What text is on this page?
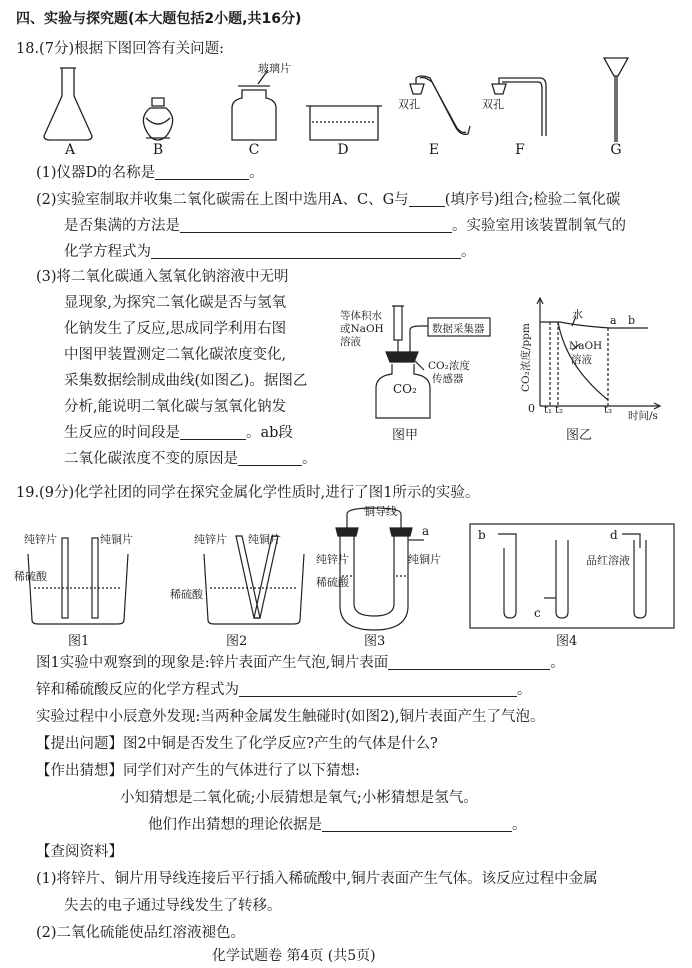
四、实验与探究题(本大题包括2小题,共16分)
18.(7分)根据下图回答有关问题:
玻璃片
双孔	双孔
A	B	C	D	E	F	G
(1)仪器D的名称是	。
(2)实验室制取并收集二氧化碳需在上图中选用A、C、G与 (填序号)组合;检验二氧化碳
是否集满的方法是	。实验室用该装置制氧气的
化学方程式为	。
(3)将二氧化碳通入氢氧化钠溶液中无明
显现象,为探究二氧化碳是否与氢氧
化钠发生了反应,思成同学利用右图
中图甲装置测定二氧化碳浓度变化,
采集数据绘制成曲线(如图乙)。据图乙
分析,能说明二氧化碳与氢氧化钠发
生反应的时间段是	。ab段
二氧化碳浓度不变的原因是	。
等体积水
或NaOH
溶液
数据采集器
CO₂浓度
传感器
CO₂
图甲
CO₂浓度/ppm
水
NaOH
溶液
a b
0 t₁ t₂	t₃ 时间/s
图乙
19.(9分)化学社团的同学在探究金属化学性质时,进行了图1所示的实验。
纯锌片	纯铜片
稀硫酸
图1
纯锌片 纯铜片
稀硫酸
图2
铜导线
a
纯锌片	纯铜片
稀硫酸
图3
b
c
d
品红溶液
图4
图1实验中观察到的现象是:锌片表面产生气泡,铜片表面	。
锌和稀硫酸反应的化学方程式为	。
实验过程中小辰意外发现:当两种金属发生触碰时(如图2),铜片表面产生了气泡。
【提出问题】图2中铜是否发生了化学反应?产生的气体是什么?
【作出猜想】同学们对产生的气体进行了以下猜想:
小知猜想是二氧化硫;小辰猜想是氧气;小彬猜想是氢气。
他们作出猜想的理论依据是	。
【查阅资料】
(1)将锌片、铜片用导线连接后平行插入稀硫酸中,铜片表面产生气体。该反应过程中金属
失去的电子通过导线发生了转移。
(2)二氧化硫能使品红溶液褪色。
化学试题卷 第4页 (共5页)
